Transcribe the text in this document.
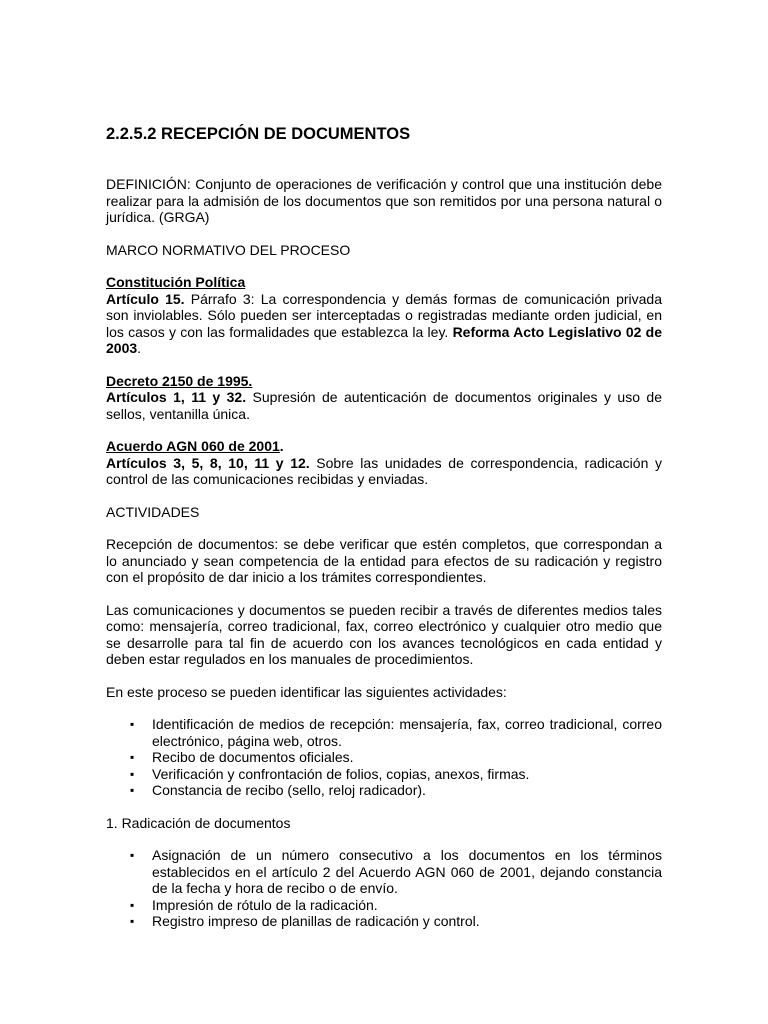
2.2.5.2 RECEPCIÓN DE DOCUMENTOS

DEFINICIÓN: Conjunto de operaciones de verificación y control que una institución debe realizar para la admisión de los documentos que son remitidos por una persona natural o jurídica. (GRGA)

MARCO NORMATIVO DEL PROCESO

Constitución Política

Artículo 15. Párrafo 3: La correspondencia y demás formas de comunicación privada son inviolables. Sólo pueden ser interceptadas o registradas mediante orden judicial, en los casos y con las formalidades que establezca la ley. Reforma Acto Legislativo 02 de 2003.

Decreto 2150 de 1995.

Artículos 1, 11 y 32. Supresión de autenticación de documentos originales y uso de sellos, ventanilla única.

Acuerdo AGN 060 de 2001.

Artículos 3, 5, 8, 10, 11 y 12. Sobre las unidades de correspondencia, radicación y control de las comunicaciones recibidas y enviadas.

ACTIVIDADES

Recepción de documentos: se debe verificar que estén completos, que correspondan a lo anunciado y sean competencia de la entidad para efectos de su radicación y registro con el propósito de dar inicio a los trámites correspondientes.

Las comunicaciones y documentos se pueden recibir a través de diferentes medios tales como: mensajería, correo tradicional, fax, correo electrónico y cualquier otro medio que se desarrolle para tal fin de acuerdo con los avances tecnológicos en cada entidad y deben estar regulados en los manuales de procedimientos.

En este proceso se pueden identificar las siguientes actividades:

▪ Identificación de medios de recepción: mensajería, fax, correo tradicional, correo electrónico, página web, otros.
▪ Recibo de documentos oficiales.
▪ Verificación y confrontación de folios, copias, anexos, firmas.
▪ Constancia de recibo (sello, reloj radicador).

1. Radicación de documentos

▪ Asignación de un número consecutivo a los documentos en los términos establecidos en el artículo 2 del Acuerdo AGN 060 de 2001, dejando constancia de la fecha y hora de recibo o de envío.
▪ Impresión de rótulo de la radicación.
▪ Registro impreso de planillas de radicación y control.
